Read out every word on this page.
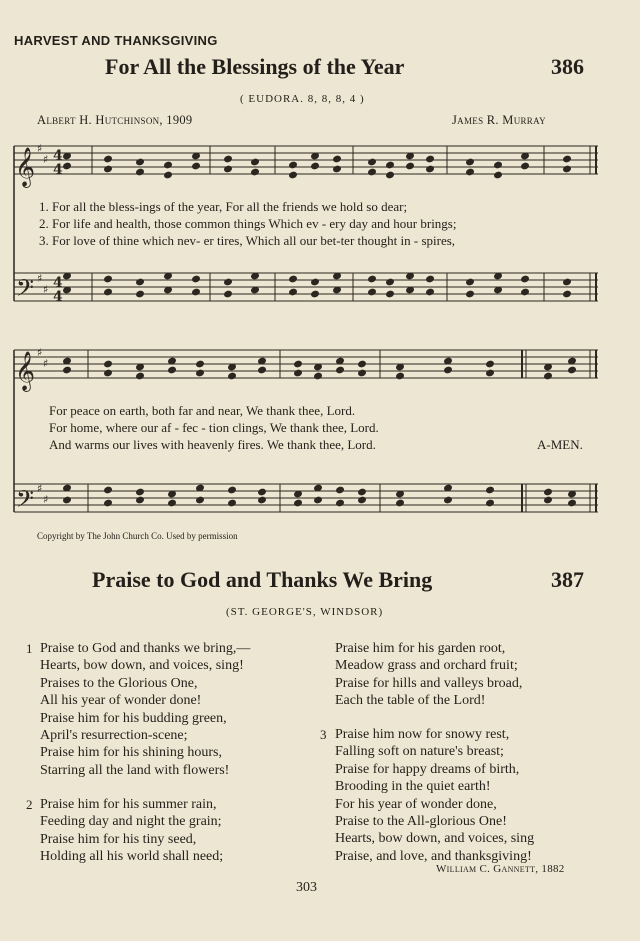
HARVEST AND THANKSGIVING
For All the Blessings of the Year	386
( EUDORA. 8, 8, 8, 4 )
Albert H. Hutchinson, 1909	James R. Murray
𝄞
𝄢
𝄞
𝄢
♯
♯
♯
♯
♯
♯
♯
♯
4
4
4
4
1. For all the bless-ings of the year, For all the friends we hold so dear;
2. For life and health, those common things Which ev - ery day and hour brings;
3. For love of thine which nev- er tires, Which all our bet-ter thought in - spires,
For peace on earth, both far and near, We thank thee, Lord.
For home, where our af - fec - tion clings, We thank thee, Lord.
And warms our lives with heavenly fires. We thank thee, Lord.	A-MEN.
Copyright by The John Church Co. Used by permission
Praise to God and Thanks We Bring	387
(ST. GEORGE'S, WINDSOR)
1 Praise to God and thanks we bring,—
Hearts, bow down, and voices, sing!
Praises to the Glorious One,
All his year of wonder done!
Praise him for his budding green,
April's resurrection-scene;
Praise him for his shining hours,
Starring all the land with flowers!
2 Praise him for his summer rain,
Feeding day and night the grain;
Praise him for his tiny seed,
Holding all his world shall need;
Praise him for his garden root,
Meadow grass and orchard fruit;
Praise for hills and valleys broad,
Each the table of the Lord!
3 Praise him now for snowy rest,
Falling soft on nature's breast;
Praise for happy dreams of birth,
Brooding in the quiet earth!
For his year of wonder done,
Praise to the All-glorious One!
Hearts, bow down, and voices, sing
Praise, and love, and thanksgiving!
William C. Gannett, 1882
303
